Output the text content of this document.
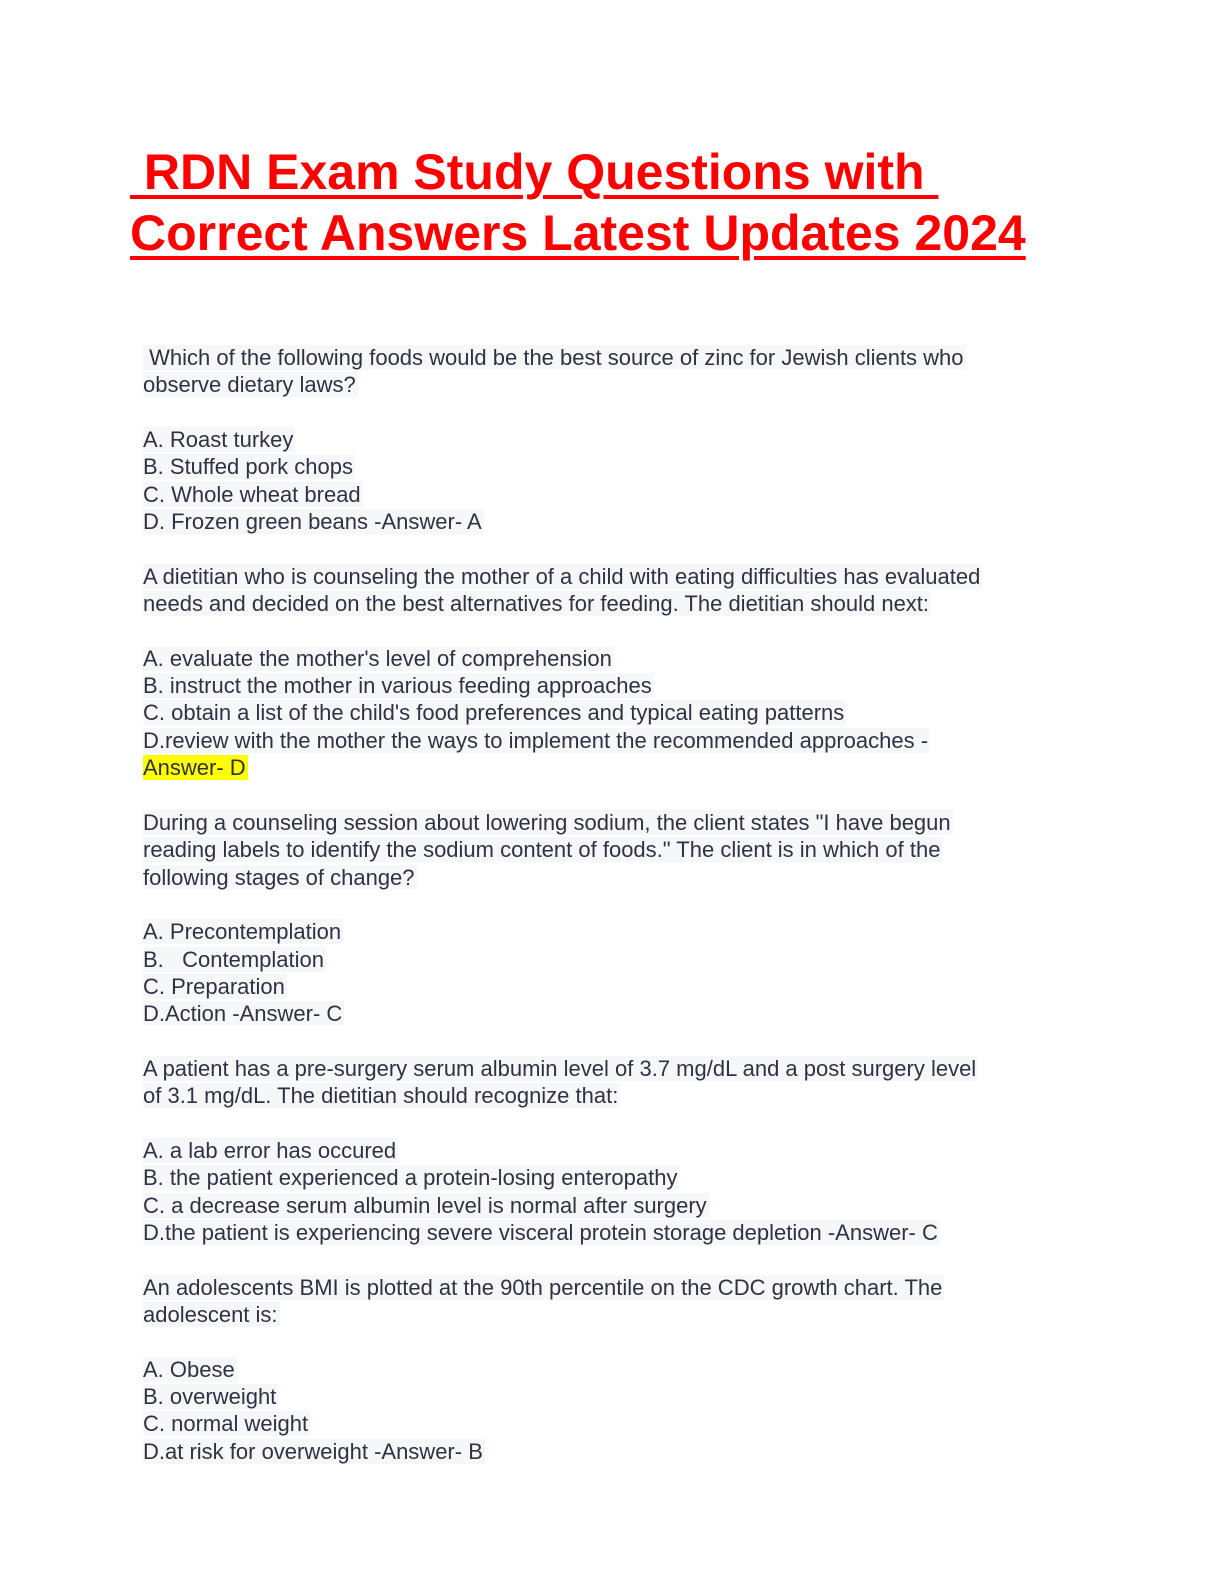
RDN Exam Study Questions with
Correct Answers Latest Updates 2024
Which of the following foods would be the best source of zinc for Jewish clients who
observe dietary laws?
A. Roast turkey
B. Stuffed pork chops
C. Whole wheat bread
D. Frozen green beans -Answer- A
A dietitian who is counseling the mother of a child with eating difficulties has evaluated
needs and decided on the best alternatives for feeding. The dietitian should next:
A. evaluate the mother's level of comprehension
B. instruct the mother in various feeding approaches
C. obtain a list of the child's food preferences and typical eating patterns
D.review with the mother the ways to implement the recommended approaches -
Answer- D
During a counseling session about lowering sodium, the client states "I have begun
reading labels to identify the sodium content of foods." The client is in which of the
following stages of change?
A. Precontemplation
B.   Contemplation
C. Preparation
D.Action -Answer- C
A patient has a pre-surgery serum albumin level of 3.7 mg/dL and a post surgery level
of 3.1 mg/dL. The dietitian should recognize that:
A. a lab error has occured
B. the patient experienced a protein-losing enteropathy
C. a decrease serum albumin level is normal after surgery
D.the patient is experiencing severe visceral protein storage depletion -Answer- C
An adolescents BMI is plotted at the 90th percentile on the CDC growth chart. The
adolescent is:
A. Obese
B. overweight
C. normal weight
D.at risk for overweight -Answer- B
